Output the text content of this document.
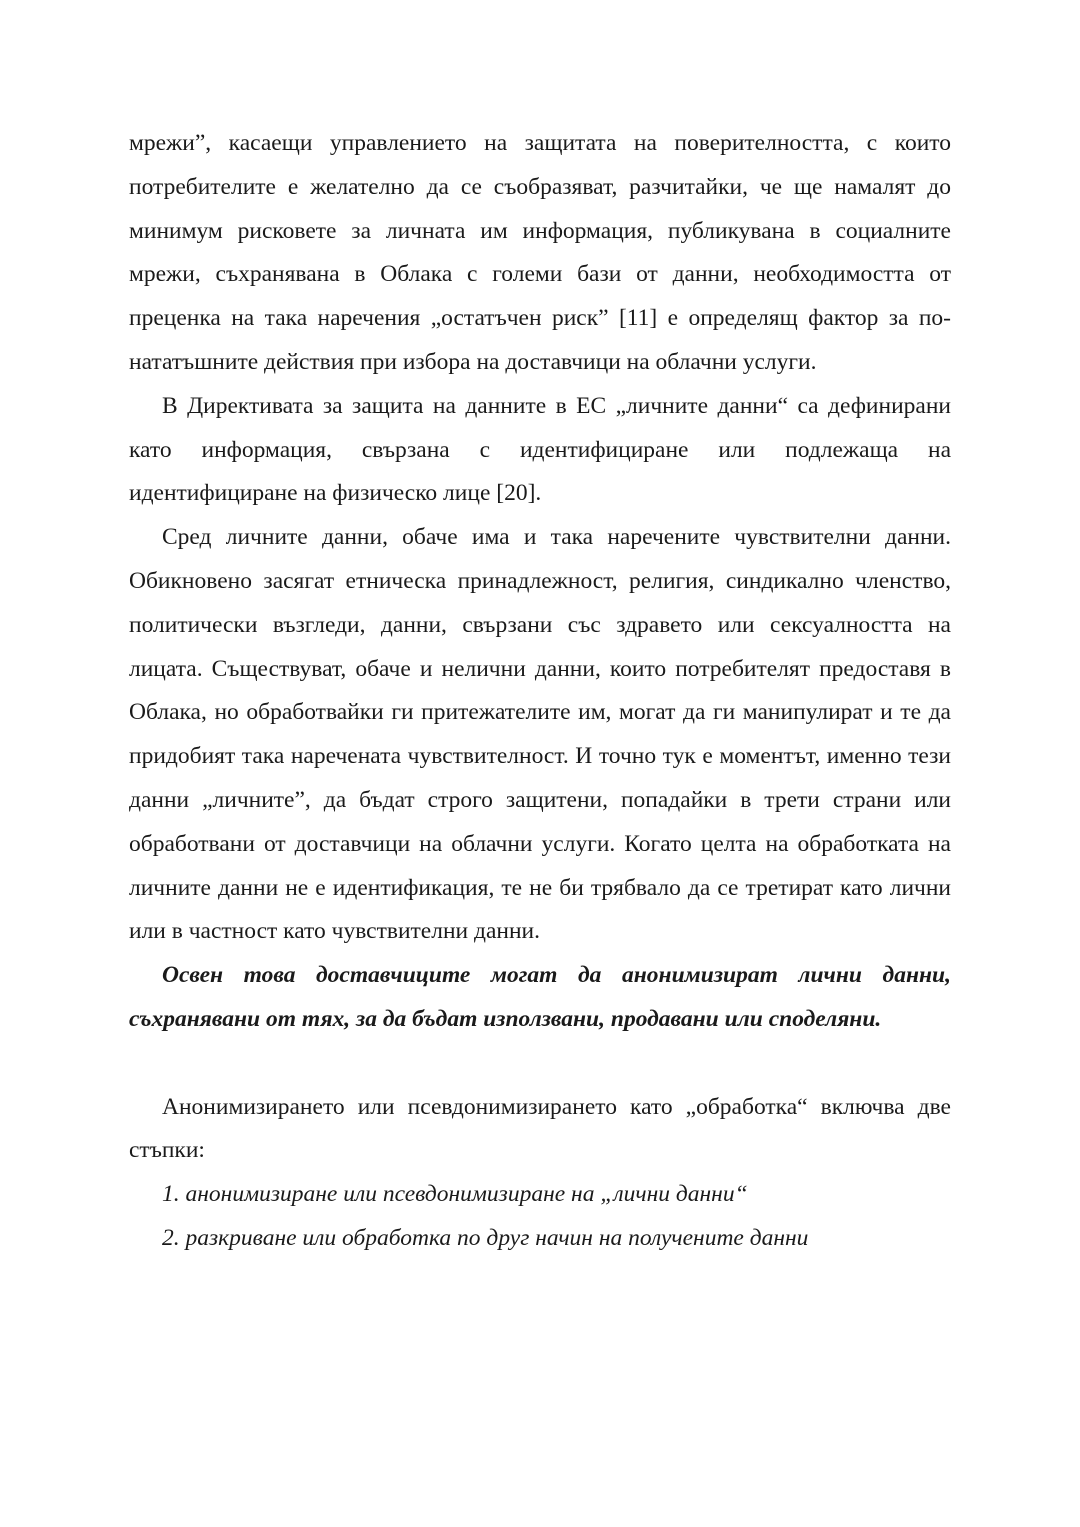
мрежи”, касаещи управлението на защитата на поверителността, с които потребителите е желателно да се съобразяват, разчитайки, че ще намалят до минимум рисковете за личната им информация, публикувана в социалните мрежи, съхранявана в Облака с големи бази от данни, необходимостта от преценка на така наречения „остатъчен риск” [11] е определящ фактор за по-нататъшните действия при избора на доставчици на облачни услуги.

В Директивата за защита на данните в ЕС „личните данни“ са дефинирани като информация, свързана с идентифициране или подлежаща на идентифициране на физическо лице [20].

Сред личните данни, обаче има и така наречените чувствителни данни. Обикновено засягат етническа принадлежност, религия, синдикално членство, политически възгледи, данни, свързани със здравето или сексуалността на лицата. Съществуват, обаче и нелични данни, които потребителят предоставя в Облака, но обработвайки ги притежателите им, могат да ги манипулират и те да придобият така наречената чувствителност. И точно тук е моментът, именно тези данни „личните”, да бъдат строго защитени, попадайки в трети страни или обработвани от доставчици на облачни услуги. Когато целта на обработката на личните данни не е идентификация, те не би трябвало да се третират като лични или в частност като чувствителни данни.

Освен това доставчиците могат да анонимизират лични данни, съхранявани от тях, за да бъдат използвани, продавани или споделяни.

Анонимизирането или псевдонимизирането като „обработка“ включва две стъпки:

1. анонимизиране или псевдонимизиране на „лични данни“

2. разкриване или обработка по друг начин на получените данни
